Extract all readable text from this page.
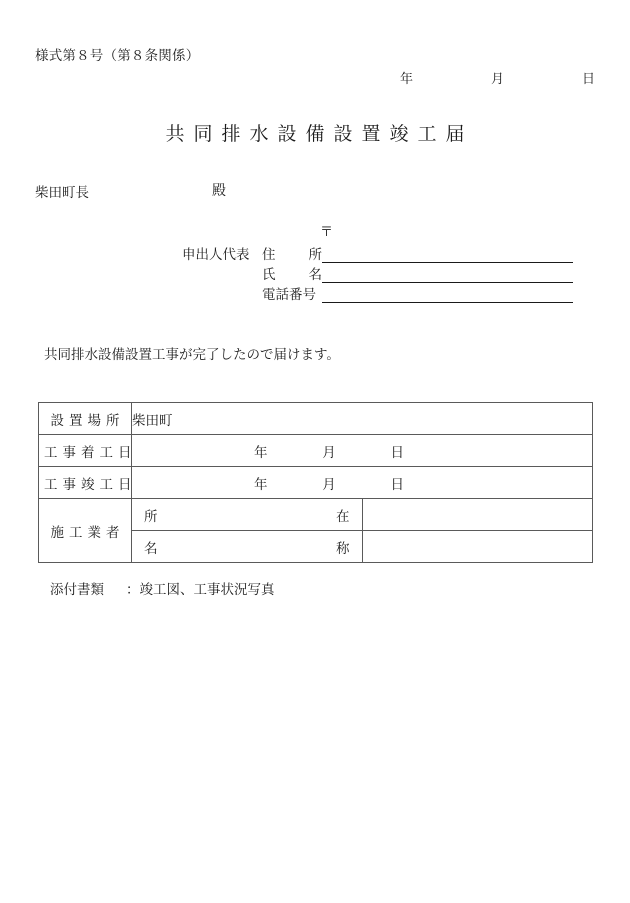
様式第８号（第８条関係）
年	月	日
共同排水設備設置竣工届
柴田町長	殿
〒
申出人代表 住 所
氏 名
電話番号
共同排水設備設置工事が完了したので届けます。
設置場所	柴田町	
工事着工日	年 月 日	

工事竣工日	年 月 日	

施工業者	所 在	

	名 称	

添付書類 ：竣工図、工事状況写真
